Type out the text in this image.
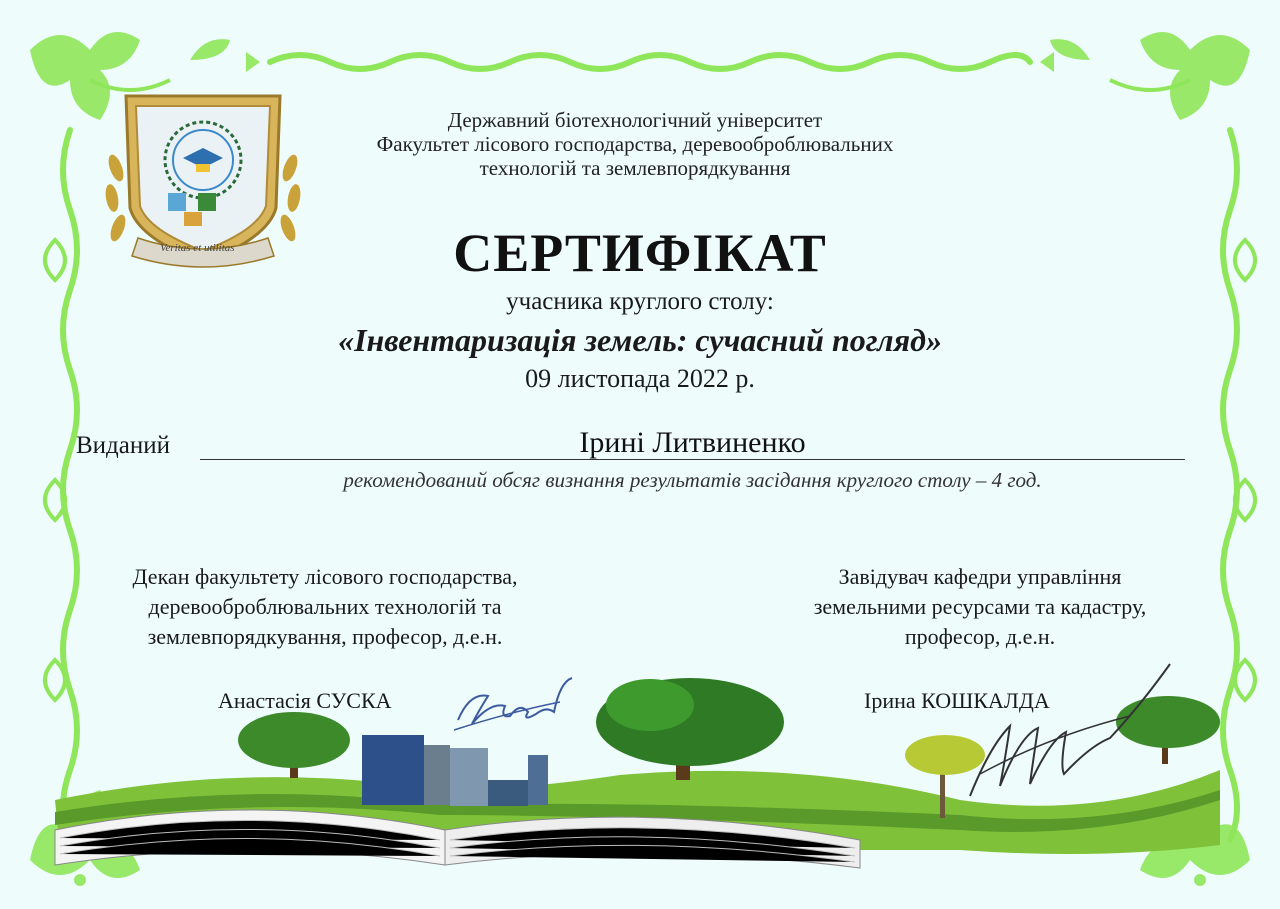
Veritas et utilitas
Державний біотехнологічний університет
Факультет лісового господарства, деревооброблювальних
технологій та землевпорядкування
СЕРТИФІКАТ
учасника круглого столу:
«Інвентаризація земель: сучасний погляд»
09 листопада 2022 р.
Виданий	Ірині Литвиненко
рекомендований обсяг визнання результатів засідання круглого столу – 4 год.
Декан факультету лісового господарства,
деревооброблювальних технологій та
землевпорядкування, професор, д.е.н.
Завідувач кафедри управління
земельними ресурсами та кадастру,
професор, д.е.н.
Анастасія СУСКА	Ірина КОШКАЛДА
